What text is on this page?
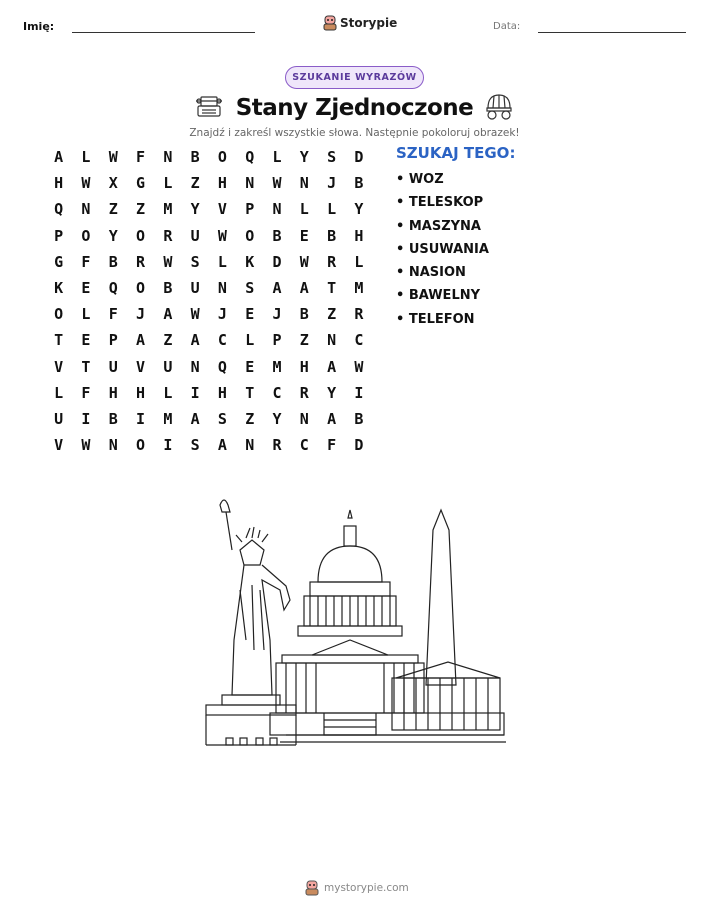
Imię:	Storypie	Data:
SZUKANIE WYRAZÓW
Stany Zjednoczone
Znajdź i zakreśl wszystkie słowa. Następnie pokoloruj obrazek!
A	L	W	F	N	B	O	Q	L	Y	S	D
H	W	X	G	L	Z	H	N	W	N	J	B
Q	N	Z	Z	M	Y	V	P	N	L	L	Y
P	O	Y	O	R	U	W	O	B	E	B	H
G	F	B	R	W	S	L	K	D	W	R	L
K	E	Q	O	B	U	N	S	A	A	T	M
O	L	F	J	A	W	J	E	J	B	Z	R
T	E	P	A	Z	A	C	L	P	Z	N	C
V	T	U	V	U	N	Q	E	M	H	A	W
L	F	H	H	L	I	H	T	C	R	Y	I
U	I	B	I	M	A	S	Z	Y	N	A	B
V	W	N	O	I	S	A	N	R	C	F	D
SZUKAJ TEGO:
• WOZ
• TELESKOP
• MASZYNA
• USUWANIA
• NASION
• BAWELNY
• TELEFON
mystorypie.com
